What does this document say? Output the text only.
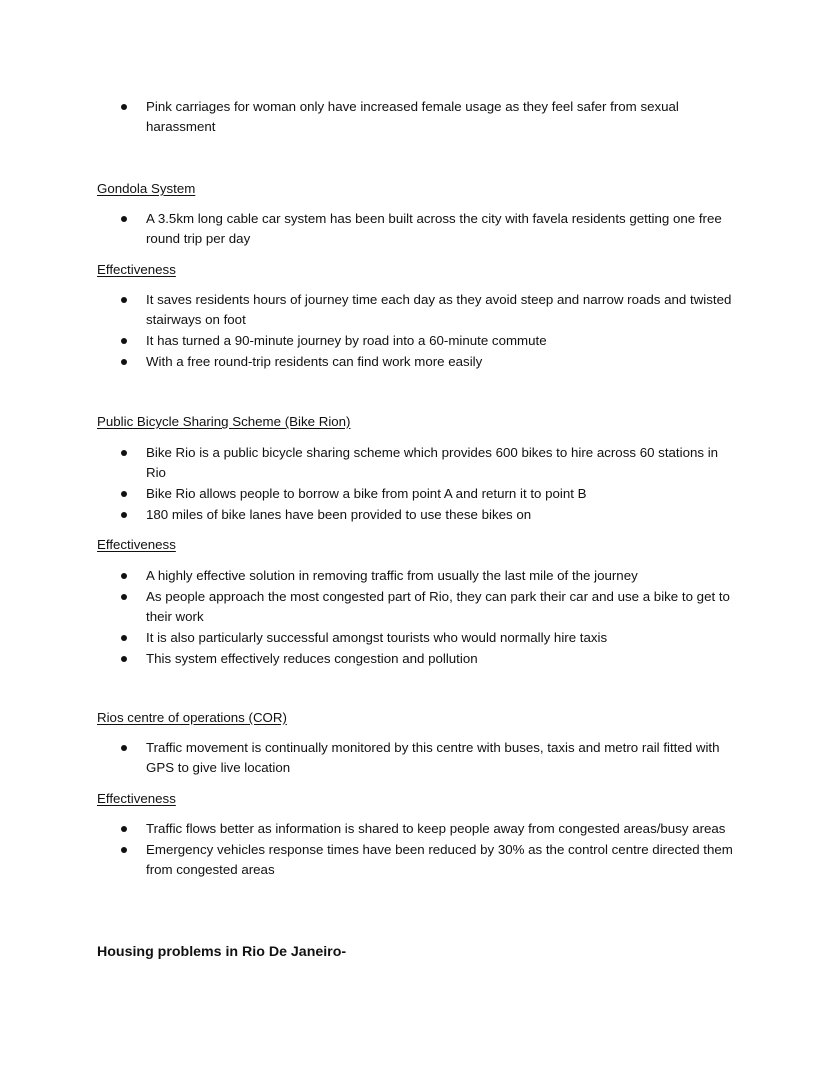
Pink carriages for woman only have increased female usage as they feel safer from sexual harassment
Gondola System
A 3.5km long cable car system has been built across the city with favela residents getting one free round trip per day
Effectiveness
It saves residents hours of journey time each day as they avoid steep and narrow roads and twisted stairways on foot
It has turned a 90-minute journey by road into a 60-minute commute
With a free round-trip residents can find work more easily
Public Bicycle Sharing Scheme (Bike Rion)
Bike Rio is a public bicycle sharing scheme which provides 600 bikes to hire across 60 stations in Rio
Bike Rio allows people to borrow a bike from point A and return it to point B
180 miles of bike lanes have been provided to use these bikes on
Effectiveness
A highly effective solution in removing traffic from usually the last mile of the journey
As people approach the most congested part of Rio, they can park their car and use a bike to get to their work
It is also particularly successful amongst tourists who would normally hire taxis
This system effectively reduces congestion and pollution
Rios centre of operations (COR)
Traffic movement is continually monitored by this centre with buses, taxis and metro rail fitted with GPS to give live location
Effectiveness
Traffic flows better as information is shared to keep people away from congested areas/busy areas
Emergency vehicles response times have been reduced by 30% as the control centre directed them from congested areas
Housing problems in Rio De Janeiro-
